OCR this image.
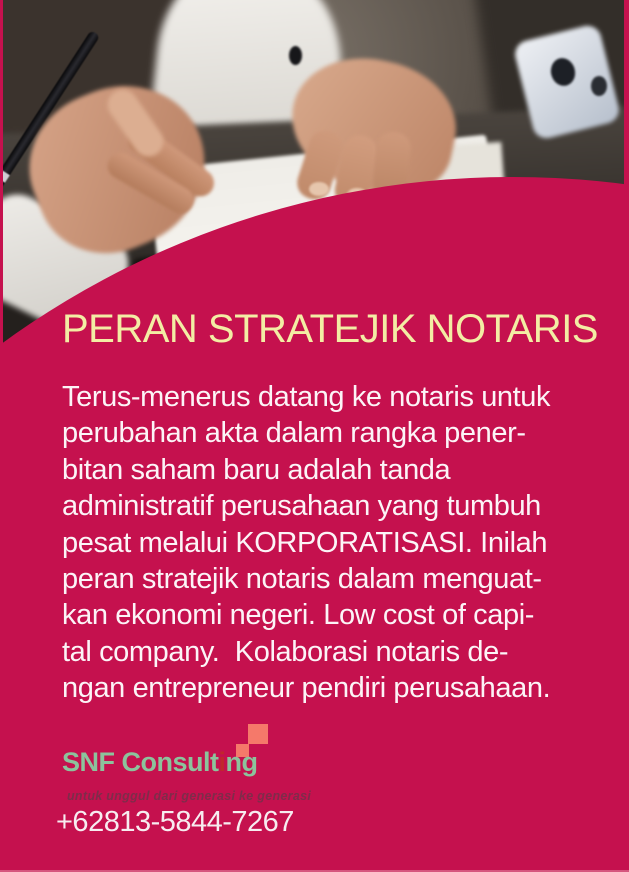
PERAN STRATEJIK NOTARIS
Terus-menerus datang ke notaris untuk
perubahan akta dalam rangka pener-
bitan saham baru adalah tanda
administratif perusahaan yang tumbuh
pesat melalui KORPORATISASI. Inilah
peran stratejik notaris dalam menguat-
kan ekonomi negeri. Low cost of capi-
tal company.  Kolaborasi notaris de-
ngan entrepreneur pendiri perusahaan.
SNF Consulting
untuk unggul dari generasi ke generasi
+62813-5844-7267
